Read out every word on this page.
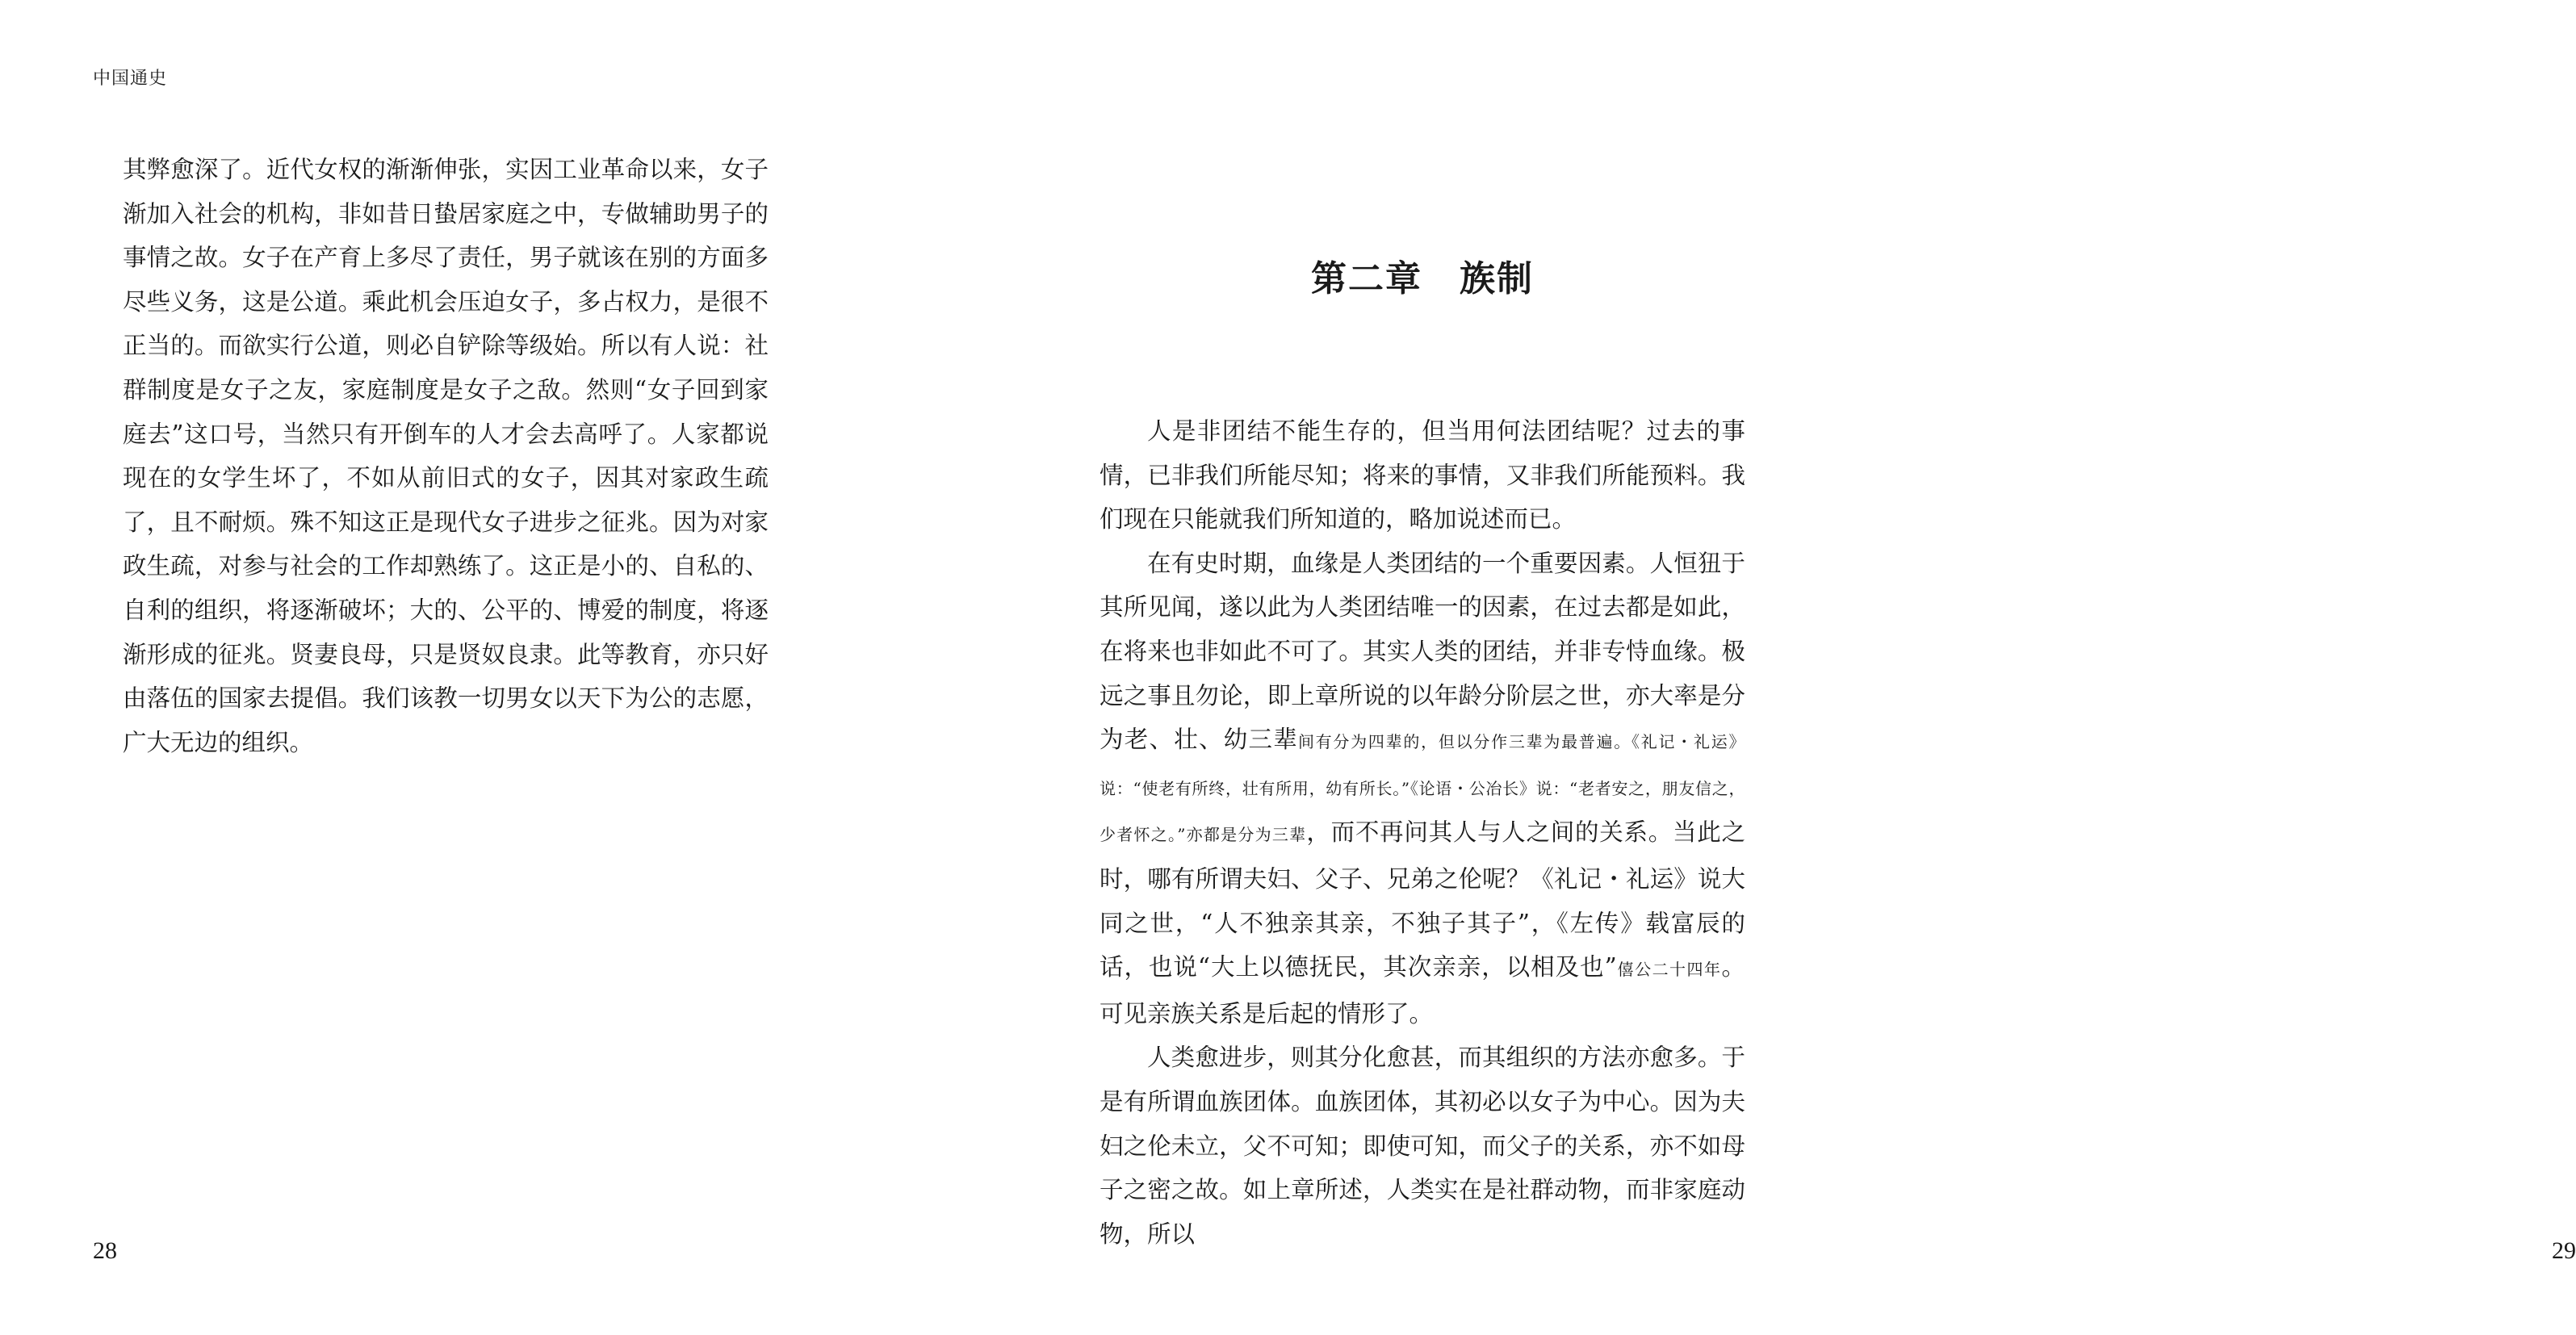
中国通史

其弊愈深了。近代女权的渐渐伸张，实因工业革命以来，女子渐加入社会的机构，非如昔日蛰居家庭之中，专做辅助男子的事情之故。女子在产育上多尽了责任，男子就该在别的方面多尽些义务，这是公道。乘此机会压迫女子，多占权力，是很不正当的。而欲实行公道，则必自铲除等级始。所以有人说：社群制度是女子之友，家庭制度是女子之敌。然则“女子回到家庭去”这口号，当然只有开倒车的人才会去高呼了。人家都说现在的女学生坏了，不如从前旧式的女子，因其对家政生疏了，且不耐烦。殊不知这正是现代女子进步之征兆。因为对家政生疏，对参与社会的工作却熟练了。这正是小的、自私的、自利的组织，将逐渐破坏；大的、公平的、博爱的制度，将逐渐形成的征兆。贤妻良母，只是贤奴良隶。此等教育，亦只好由落伍的国家去提倡。我们该教一切男女以天下为公的志愿，广大无边的组织。

28
第二章　族制

人是非团结不能生存的，但当用何法团结呢？过去的事情，已非我们所能尽知；将来的事情，又非我们所能预料。我们现在只能就我们所知道的，略加说述而已。

在有史时期，血缘是人类团结的一个重要因素。人恒狃于其所见闻，遂以此为人类团结唯一的因素，在过去都是如此，在将来也非如此不可了。其实人类的团结，并非专恃血缘。极远之事且勿论，即上章所说的以年龄分阶层之世，亦大率是分为老、壮、幼三辈间有分为四辈的，但以分作三辈为最普遍。《礼记・礼运》说：“使老有所终，壮有所用，幼有所长。”《论语・公冶长》说：“老者安之，朋友信之，少者怀之。”亦都是分为三辈，而不再问其人与人之间的关系。当此之时，哪有所谓夫妇、父子、兄弟之伦呢？《礼记・礼运》说大同之世，“人不独亲其亲，不独子其子”，《左传》载富辰的话，也说“大上以德抚民，其次亲亲，以相及也”僖公二十四年。可见亲族关系是后起的情形了。

人类愈进步，则其分化愈甚，而其组织的方法亦愈多。于是有所谓血族团体。血族团体，其初必以女子为中心。因为夫妇之伦未立，父不可知；即使可知，而父子的关系，亦不如母子之密之故。如上章所述，人类实在是社群动物，而非家庭动物，所以

29
